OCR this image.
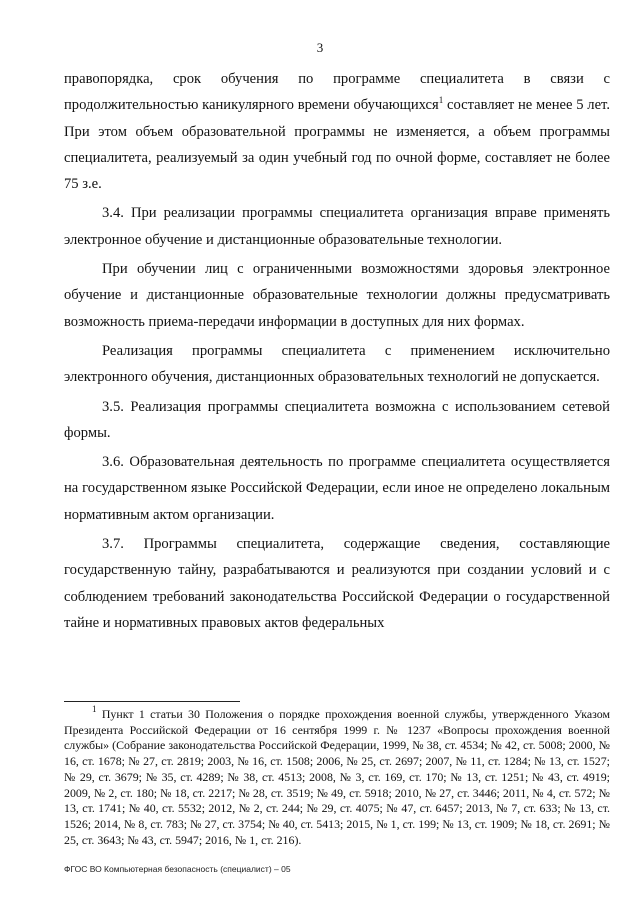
3

правопорядка, срок обучения по программе специалитета в связи с продолжительностью каникулярного времени обучающихся$^1$ составляет не менее 5 лет. При этом объем образовательной программы не изменяется, а объем программы специалитета, реализуемый за один учебный год по очной форме, составляет не более 75 з.е.

3.4. При реализации программы специалитета организация вправе применять электронное обучение и дистанционные образовательные технологии.

При обучении лиц с ограниченными возможностями здоровья электронное обучение и дистанционные образовательные технологии должны предусматривать возможность приема-передачи информации в доступных для них формах.

Реализация программы специалитета с применением исключительно электронного обучения, дистанционных образовательных технологий не допускается.

3.5. Реализация программы специалитета возможна с использованием сетевой формы.

3.6. Образовательная деятельность по программе специалитета осуществляется на государственном языке Российской Федерации, если иное не определено локальным нормативным актом организации.

3.7. Программы специалитета, содержащие сведения, составляющие государственную тайну, разрабатываются и реализуются при создании условий и с соблюдением требований законодательства Российской Федерации о государственной тайне и нормативных правовых актов федеральных

$^1$ Пункт 1 статьи 30 Положения о порядке прохождения военной службы, утвержденного Указом Президента Российской Федерации от 16 сентября 1999 г. № 1237 «Вопросы прохождения военной службы» (Собрание законодательства Российской Федерации, 1999, № 38, ст. 4534; № 42, ст. 5008; 2000, № 16, ст. 1678; № 27, ст. 2819; 2003, № 16, ст. 1508; 2006, № 25, ст. 2697; 2007, № 11, ст. 1284; № 13, ст. 1527; № 29, ст. 3679; № 35, ст. 4289; № 38, ст. 4513; 2008, № 3, ст. 169, ст. 170; № 13, ст. 1251; № 43, ст. 4919; 2009, № 2, ст. 180; № 18, ст. 2217; № 28, ст. 3519; № 49, ст. 5918; 2010, № 27, ст. 3446; 2011, № 4, ст. 572; № 13, ст. 1741; № 40, ст. 5532; 2012, № 2, ст. 244; № 29, ст. 4075; № 47, ст. 6457; 2013, № 7, ст. 633; № 13, ст. 1526; 2014, № 8, ст. 783; № 27, ст. 3754; № 40, ст. 5413; 2015, № 1, ст. 199; № 13, ст. 1909; № 18, ст. 2691; № 25, ст. 3643; № 43, ст. 5947; 2016, № 1, ст. 216).

ФГОС ВО Компьютерная безопасность (специалист) – 05
